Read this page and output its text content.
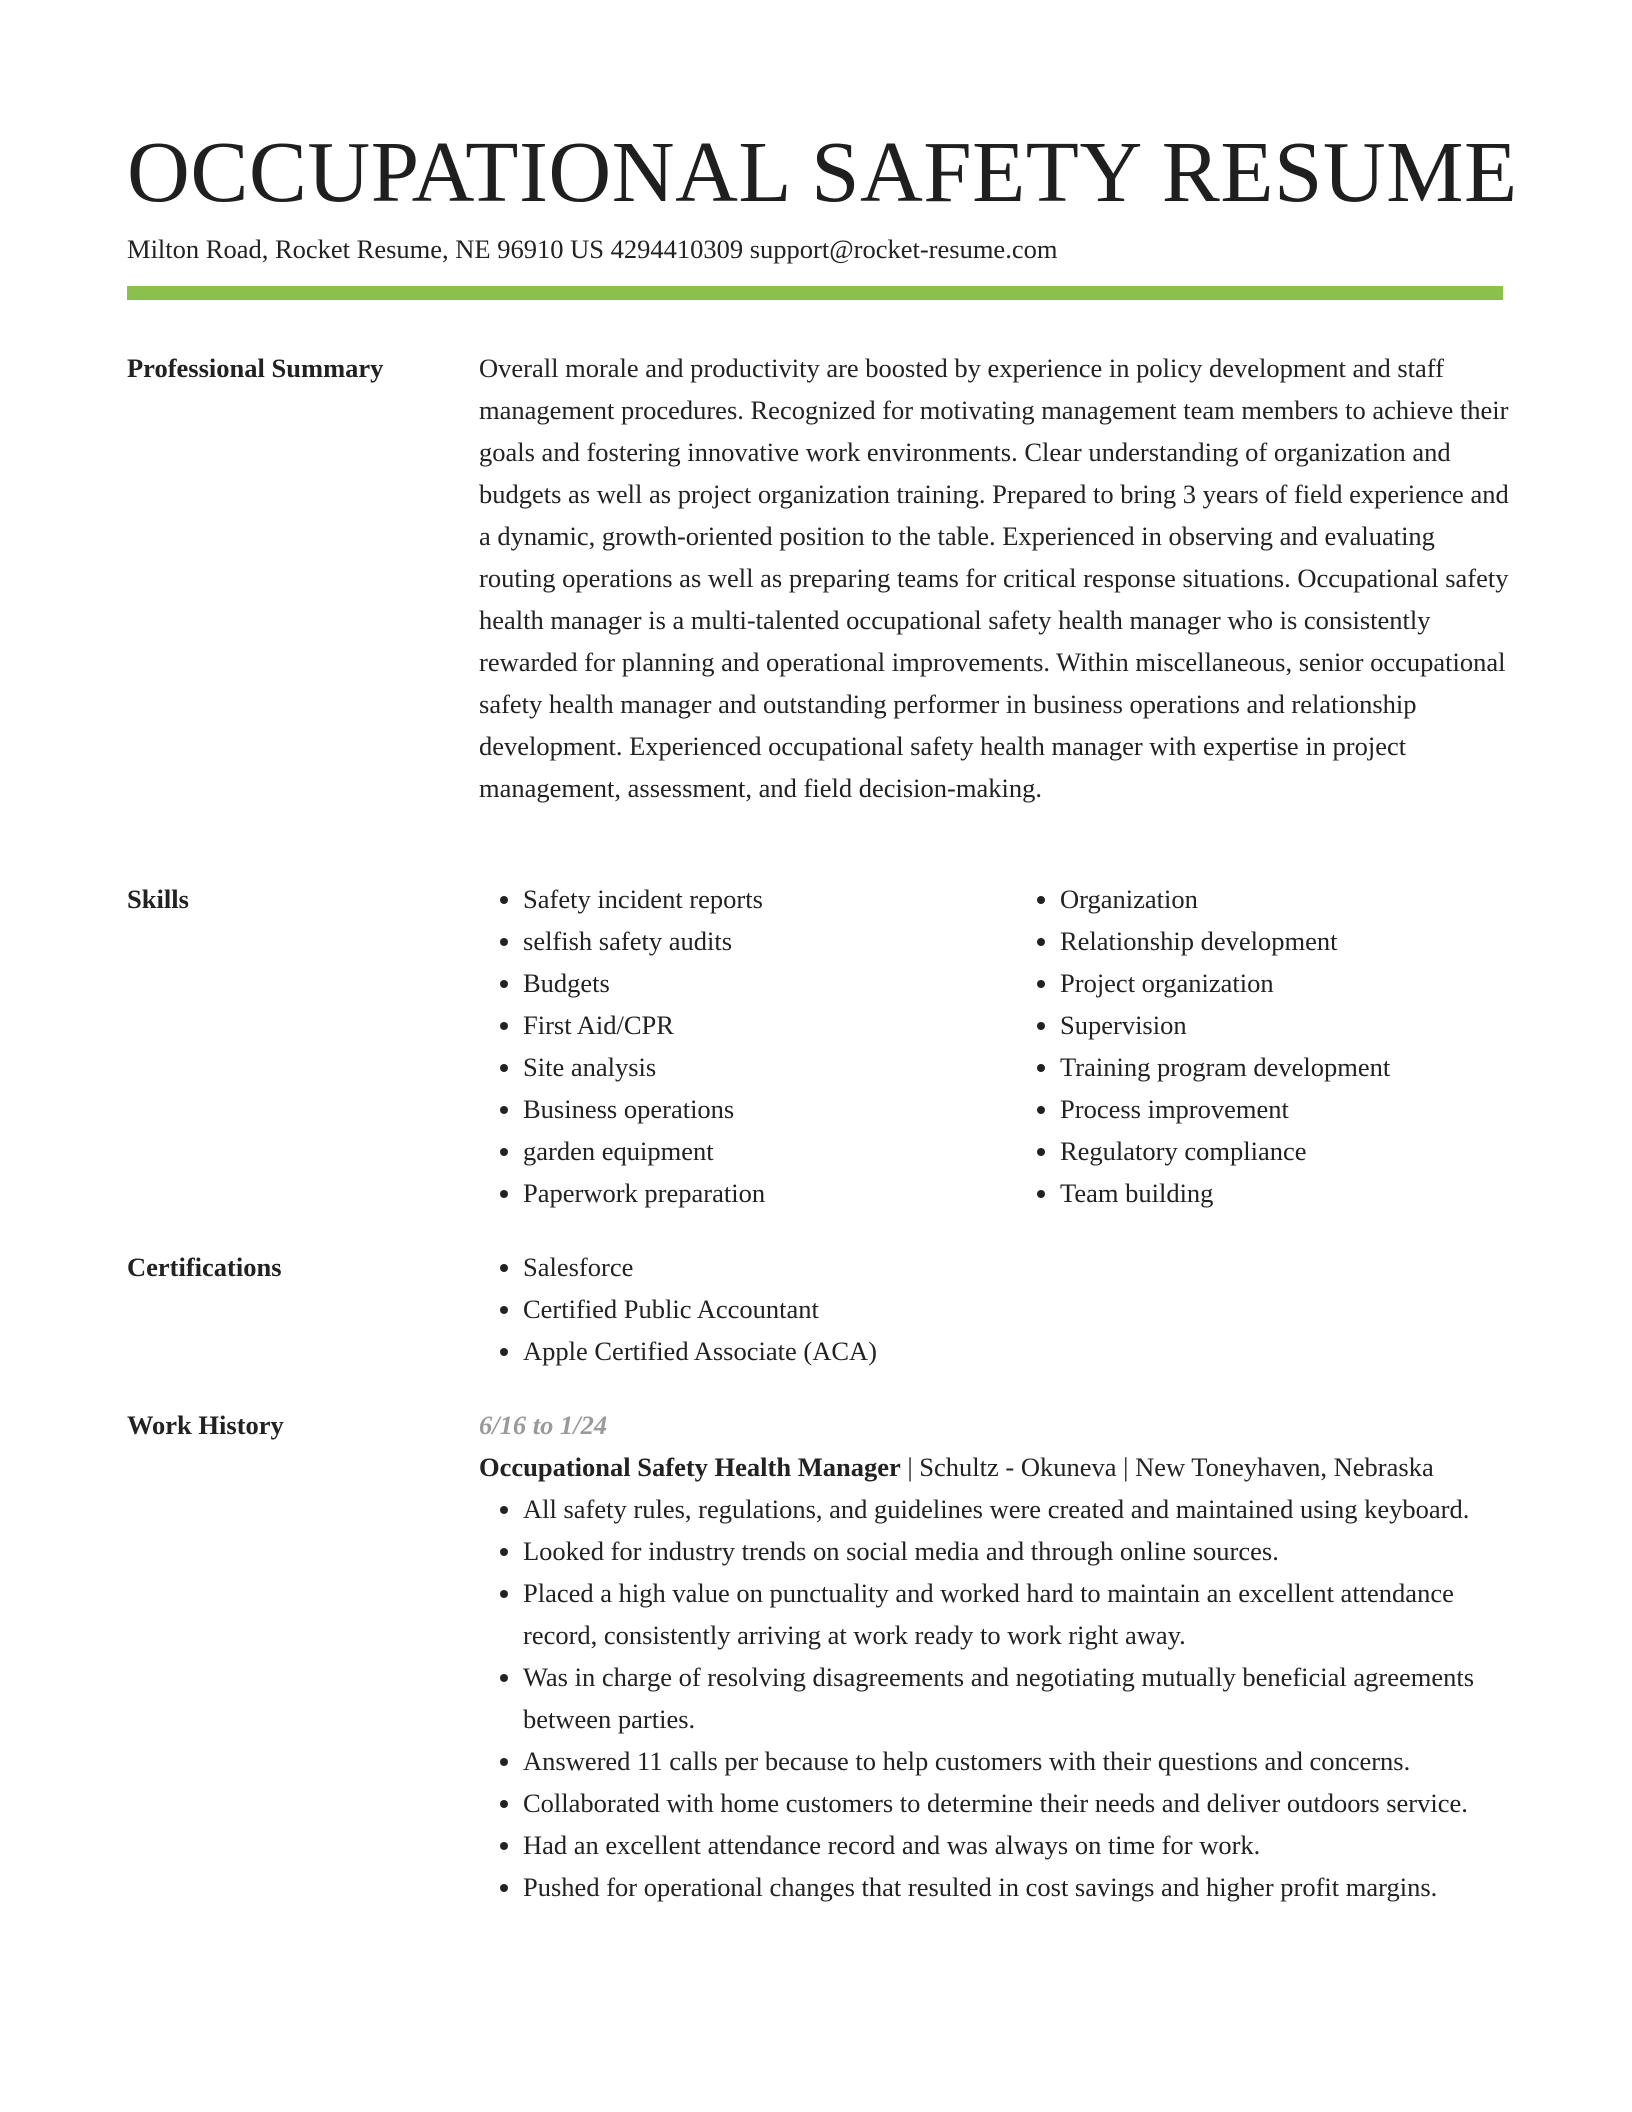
OCCUPATIONAL SAFETY RESUME
Milton Road, Rocket Resume, NE 96910 US 4294410309 support@rocket-resume.com
Professional Summary	Overall morale and productivity are boosted by experience in policy development and staff management procedures. Recognized for motivating management team members to achieve their goals and fostering innovative work environments. Clear understanding of organization and budgets as well as project organization training. Prepared to bring 3 years of field experience and a dynamic, growth-oriented position to the table. Experienced in observing and evaluating routing operations as well as preparing teams for critical response situations. Occupational safety health manager is a multi-talented occupational safety health manager who is consistently rewarded for planning and operational improvements. Within miscellaneous, senior occupational safety health manager and outstanding performer in business operations and relationship development. Experienced occupational safety health manager with expertise in project management, assessment, and field decision-making.

Skills	• Safety incident reports
• selfish safety audits
• Budgets
• First Aid/CPR
• Site analysis
• Business operations
• garden equipment
• Paperwork preparation
• Organization
• Relationship development
• Project organization
• Supervision
• Training program development
• Process improvement
• Regulatory compliance
• Team building
Certifications	• Salesforce
• Certified Public Accountant
• Apple Certified Associate (ACA)
Work History	6/16 to 1/24
Occupational Safety Health Manager | Schultz - Okuneva | New Toneyhaven, Nebraska
• All safety rules, regulations, and guidelines were created and maintained using keyboard.
• Looked for industry trends on social media and through online sources.
• Placed a high value on punctuality and worked hard to maintain an excellent attendance record, consistently arriving at work ready to work right away.
• Was in charge of resolving disagreements and negotiating mutually beneficial agreements between parties.
• Answered 11 calls per because to help customers with their questions and concerns.
• Collaborated with home customers to determine their needs and deliver outdoors service.
• Had an excellent attendance record and was always on time for work.
• Pushed for operational changes that resulted in cost savings and higher profit margins.
